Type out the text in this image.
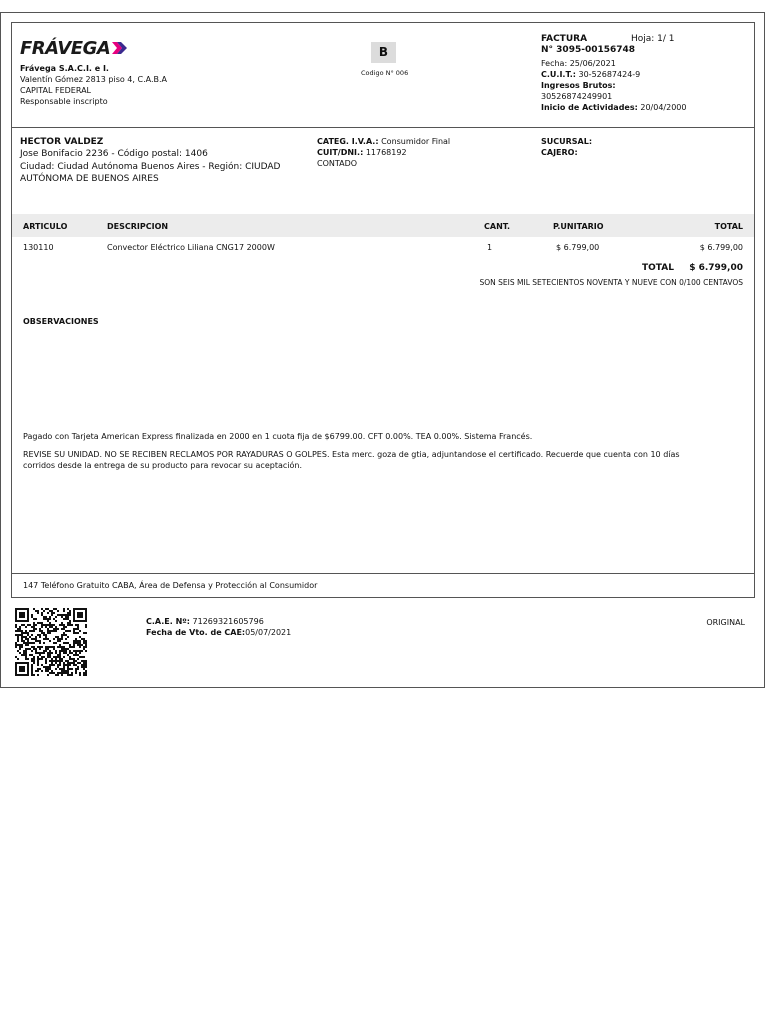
FRÁVEGA
Frávega S.A.C.I. e I.
Valentín Gómez 2813 piso 4, C.A.B.A
CAPITAL FEDERAL
Responsable inscripto
B
Codigo N° 006
FACTURA	Hoja: 1/ 1
N° 3095-00156748
Fecha: 25/06/2021
C.U.I.T.: 30-52687424-9
Ingresos Brutos:
30526874249901
Inicio de Actividades: 20/04/2000
HECTOR VALDEZ
Jose Bonifacio 2236 - Código postal: 1406
Ciudad: Ciudad Autónoma Buenos Aires - Región: CIUDAD
AUTÓNOMA DE BUENOS AIRES
CATEG. I.V.A.: Consumidor Final
CUIT/DNI.: 11768192
CONTADO
SUCURSAL:
CAJERO:
ARTICULO	DESCRIPCION	CANT.	P.UNITARIO	TOTAL
130110	Convector Eléctrico Liliana CNG17 2000W	1	$ 6.799,00	$ 6.799,00
TOTAL $ 6.799,00
SON SEIS MIL SETECIENTOS NOVENTA Y NUEVE CON 0/100 CENTAVOS
OBSERVACIONES
Pagado con Tarjeta American Express finalizada en 2000 en 1 cuota fija de $6799.00. CFT 0.00%. TEA 0.00%. Sistema Francés.
REVISE SU UNIDAD. NO SE RECIBEN RECLAMOS POR RAYADURAS O GOLPES. Esta merc. goza de gtia, adjuntandose el certificado. Recuerde que cuenta con 10 días
corridos desde la entrega de su producto para revocar su aceptación.
147 Teléfono Gratuito CABA, Área de Defensa y Protección al Consumidor
C.A.E. Nº: 71269321605796
Fecha de Vto. de CAE:05/07/2021
ORIGINAL
